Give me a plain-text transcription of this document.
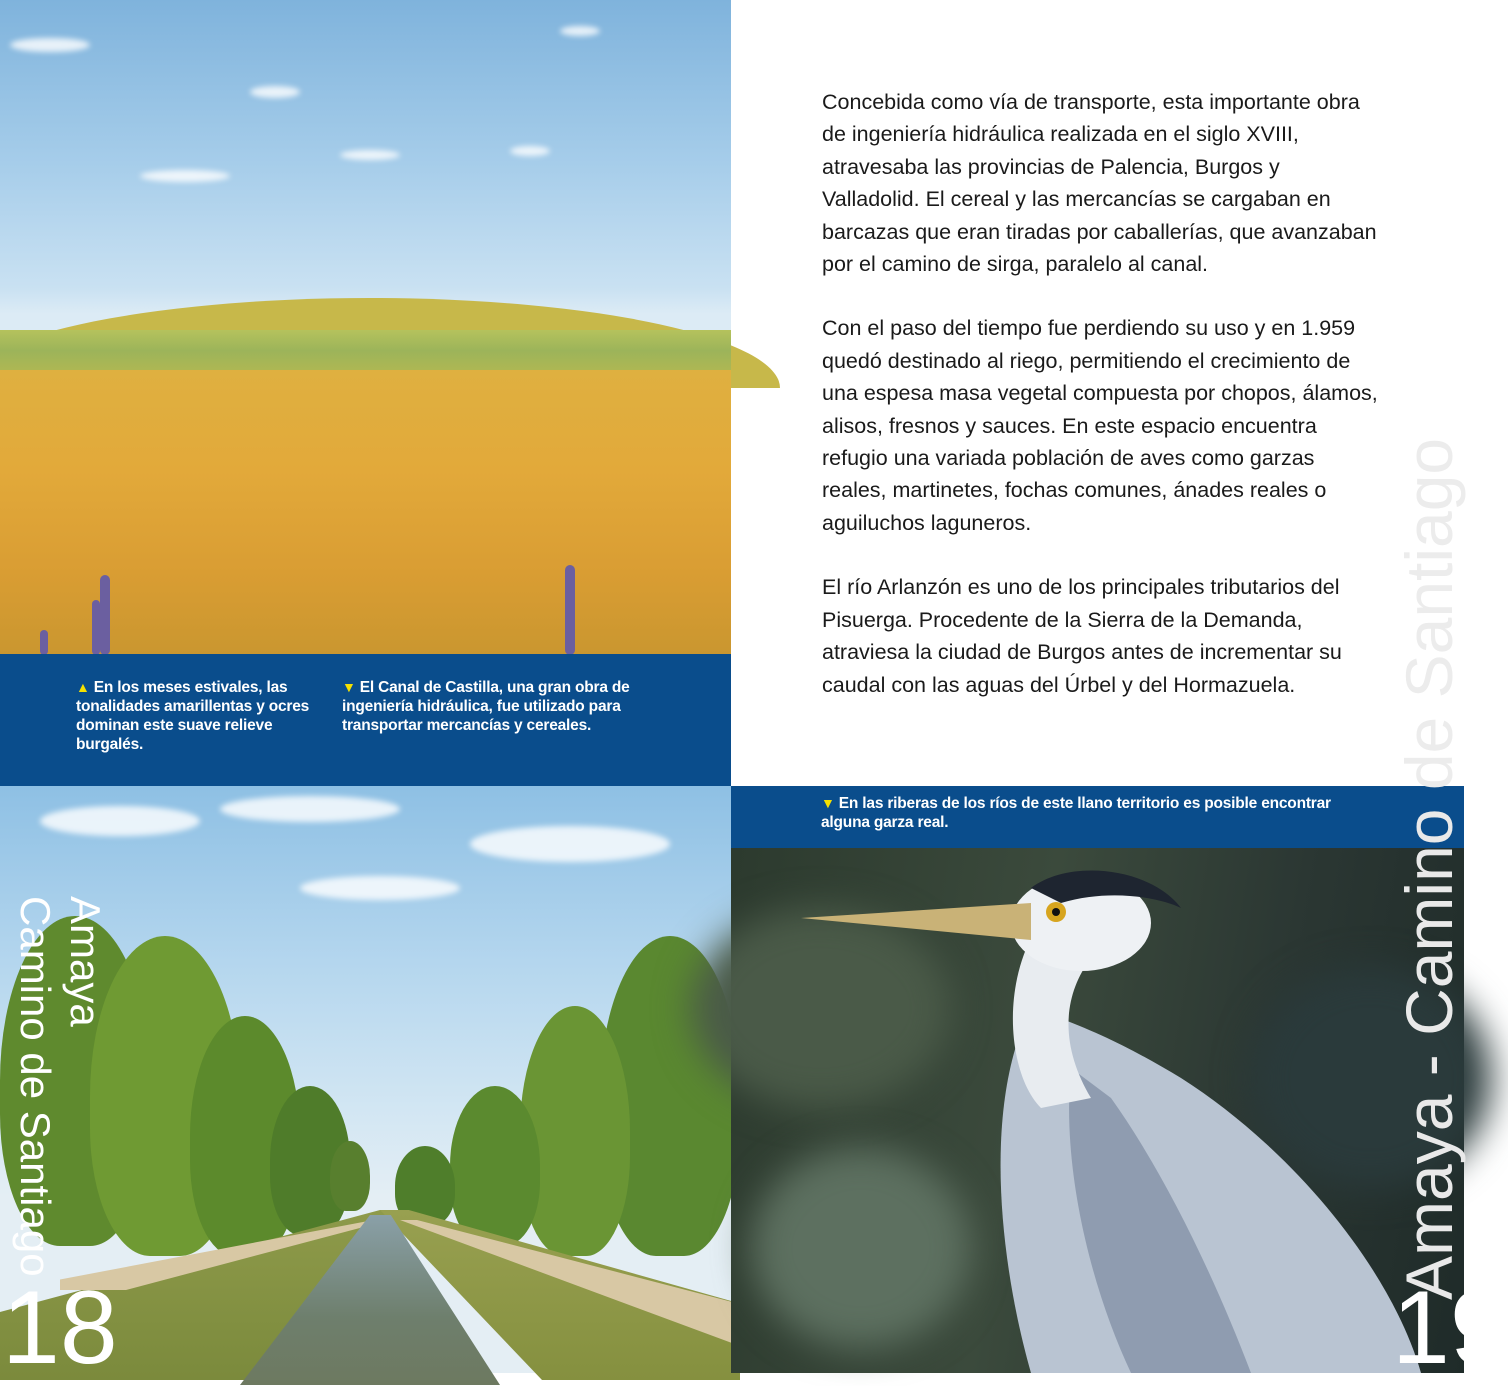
▲ En los meses estivales, las tonalidades amarillentas y ocres dominan este suave relieve burgalés.
▼ El Canal de Castilla, una gran obra de ingeniería hidráulica, fue utilizado para transportar mercancías y cereales.
Amaya
Camino de Santiago
18

Concebida como vía de transporte, esta importante obra de ingeniería hidráulica realizada en el siglo XVIII, atravesaba las provincias de Palencia, Burgos y Valladolid. El cereal y las mercancías se cargaban en barcazas que eran tiradas por caballerías, que avanzaban por el camino de sirga, paralelo al canal.

Con el paso del tiempo fue perdiendo su uso y en 1.959 quedó destinado al riego, permitiendo el crecimiento de una espesa masa vegetal compuesta por chopos, álamos, alisos, fresnos y sauces. En este espacio encuentra refugio una variada población de aves como garzas reales, martinetes, fochas comunes, ánades reales o aguiluchos laguneros.

El río Arlanzón es uno de los principales tributarios del Pisuerga. Procedente de la Sierra de la Demanda, atraviesa la ciudad de Burgos antes de incrementar su caudal con las aguas del Úrbel y del Hormazuela.

▼ En las riberas de los ríos de este llano territorio es posible encontrar alguna garza real.	Amaya - Camino de Santiago
19
